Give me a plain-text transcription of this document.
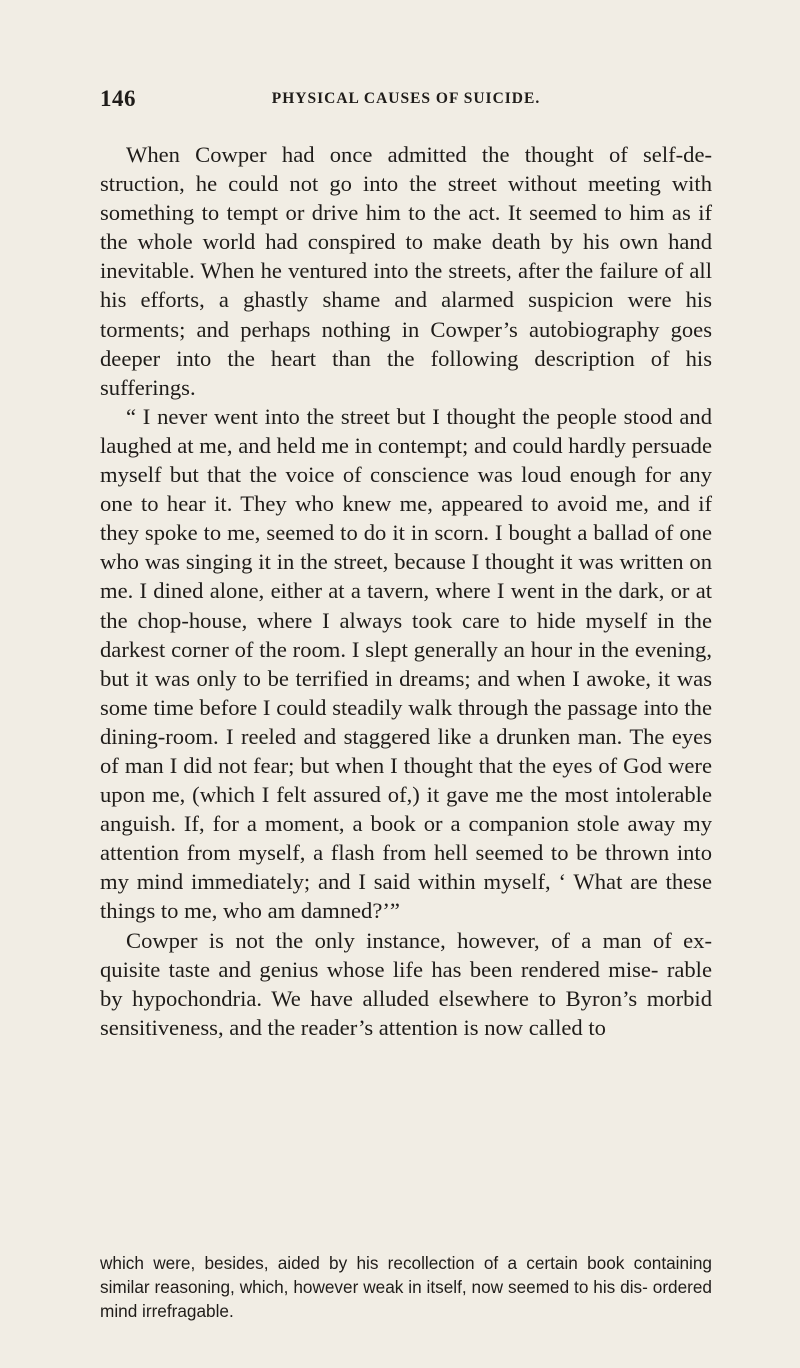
146	PHYSICAL CAUSES OF SUICIDE.

When Cowper had once admitted the thought of self-de- struction, he could not go into the street without meeting with something to tempt or drive him to the act. It seemed to him as if the whole world had conspired to make death by his own hand inevitable. When he ventured into the streets, after the failure of all his efforts, a ghastly shame and alarmed suspicion were his torments; and perhaps nothing in Cowper’s autobiography goes deeper into the heart than the following description of his sufferings.

“ I never went into the street but I thought the people stood and laughed at me, and held me in contempt; and could hardly persuade myself but that the voice of conscience was loud enough for any one to hear it. They who knew me, appeared to avoid me, and if they spoke to me, seemed to do it in scorn. I bought a ballad of one who was singing it in the street, because I thought it was written on me. I dined alone, either at a tavern, where I went in the dark, or at the chop-house, where I always took care to hide myself in the darkest corner of the room. I slept generally an hour in the evening, but it was only to be terrified in dreams; and when I awoke, it was some time before I could steadily walk through the passage into the dining-room. I reeled and staggered like a drunken man. The eyes of man I did not fear; but when I thought that the eyes of God were upon me, (which I felt assured of,) it gave me the most intolerable anguish. If, for a moment, a book or a companion stole away my attention from myself, a flash from hell seemed to be thrown into my mind immediately; and I said within myself, ‘ What are these things to me, who am damned?’”

Cowper is not the only instance, however, of a man of ex- quisite taste and genius whose life has been rendered mise- rable by hypochondria. We have alluded elsewhere to Byron’s morbid sensitiveness, and the reader’s attention is now called to

which were, besides, aided by his recollection of a certain book containing similar reasoning, which, however weak in itself, now seemed to his dis- ordered mind irrefragable.
